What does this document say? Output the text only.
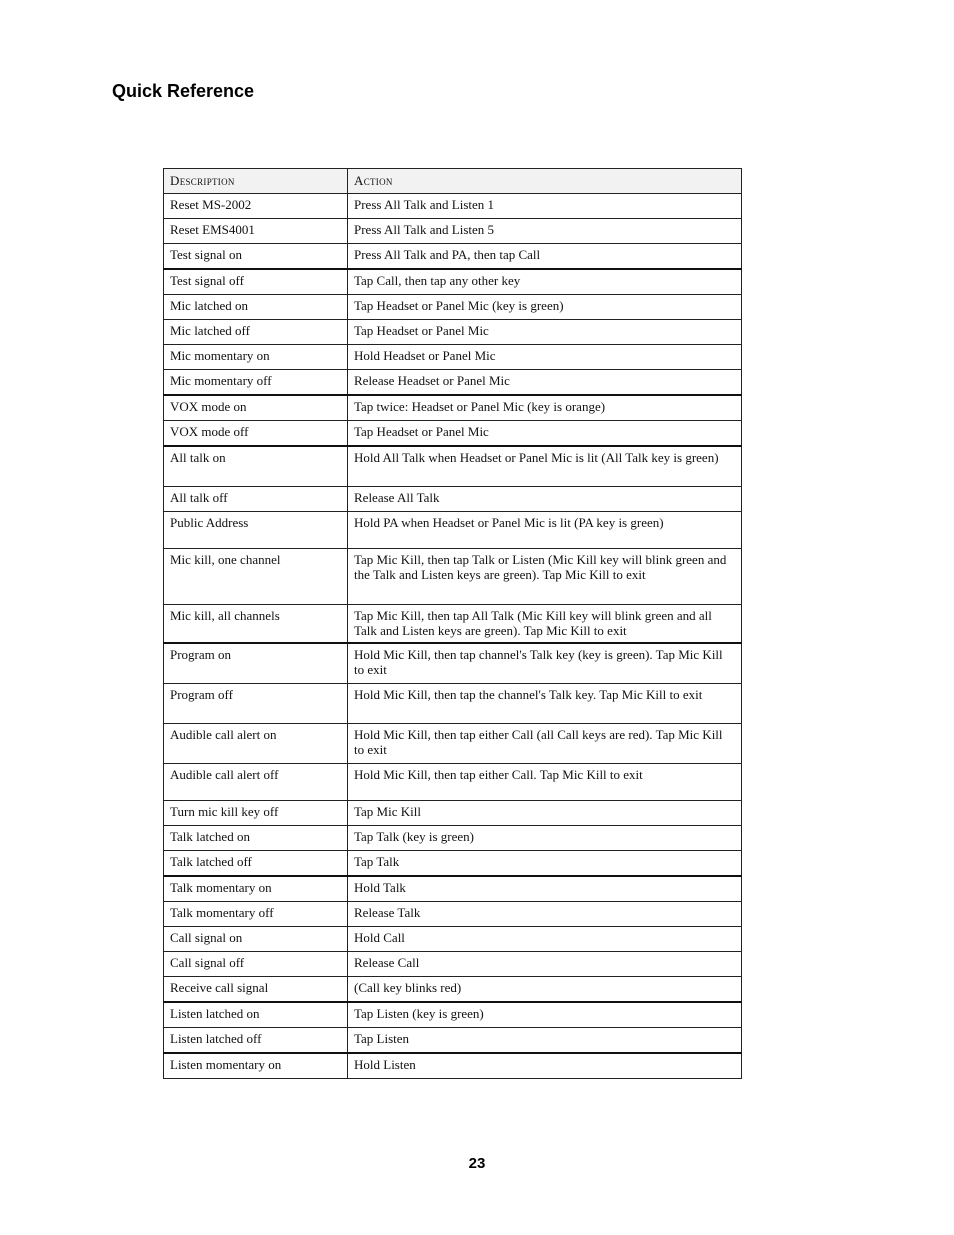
Quick Reference
Description	Action
Reset MS-2002	Press All Talk and Listen 1
Reset EMS4001	Press All Talk and Listen 5
Test signal on	Press All Talk and PA, then tap Call
Test signal off	Tap Call, then tap any other key
Mic latched on	Tap Headset or Panel Mic (key is green)
Mic latched off	Tap Headset or Panel Mic
Mic momentary on	Hold Headset or Panel Mic
Mic momentary off	Release Headset or Panel Mic
VOX mode on	Tap twice: Headset or Panel Mic (key is orange)
VOX mode off	Tap Headset or Panel Mic
All talk on	Hold All Talk when Headset or Panel Mic is lit (All Talk key is green)
All talk off	Release All Talk
Public Address	Hold PA when Headset or Panel Mic is lit (PA key is green)
Mic kill, one channel	Tap Mic Kill, then tap Talk or Listen (Mic Kill key will blink green and the Talk and Listen keys are green). Tap Mic Kill to exit
Mic kill, all channels	Tap Mic Kill, then tap All Talk (Mic Kill key will blink green and all Talk and Listen keys are green). Tap Mic Kill to exit
Program on	Hold Mic Kill, then tap channel's Talk key (key is green). Tap Mic Kill to exit
Program off	Hold Mic Kill, then tap the channel's Talk key. Tap Mic Kill to exit
Audible call alert on	Hold Mic Kill, then tap either Call (all Call keys are red). Tap Mic Kill to exit
Audible call alert off	Hold Mic Kill, then tap either Call. Tap Mic Kill to exit
Turn mic kill key off	Tap Mic Kill
Talk latched on	Tap Talk (key is green)
Talk latched off	Tap Talk
Talk momentary on	Hold Talk
Talk momentary off	Release Talk
Call signal on	Hold Call
Call signal off	Release Call
Receive call signal	(Call key blinks red)
Listen latched on	Tap Listen (key is green)
Listen latched off	Tap Listen
Listen momentary on	Hold Listen
23
